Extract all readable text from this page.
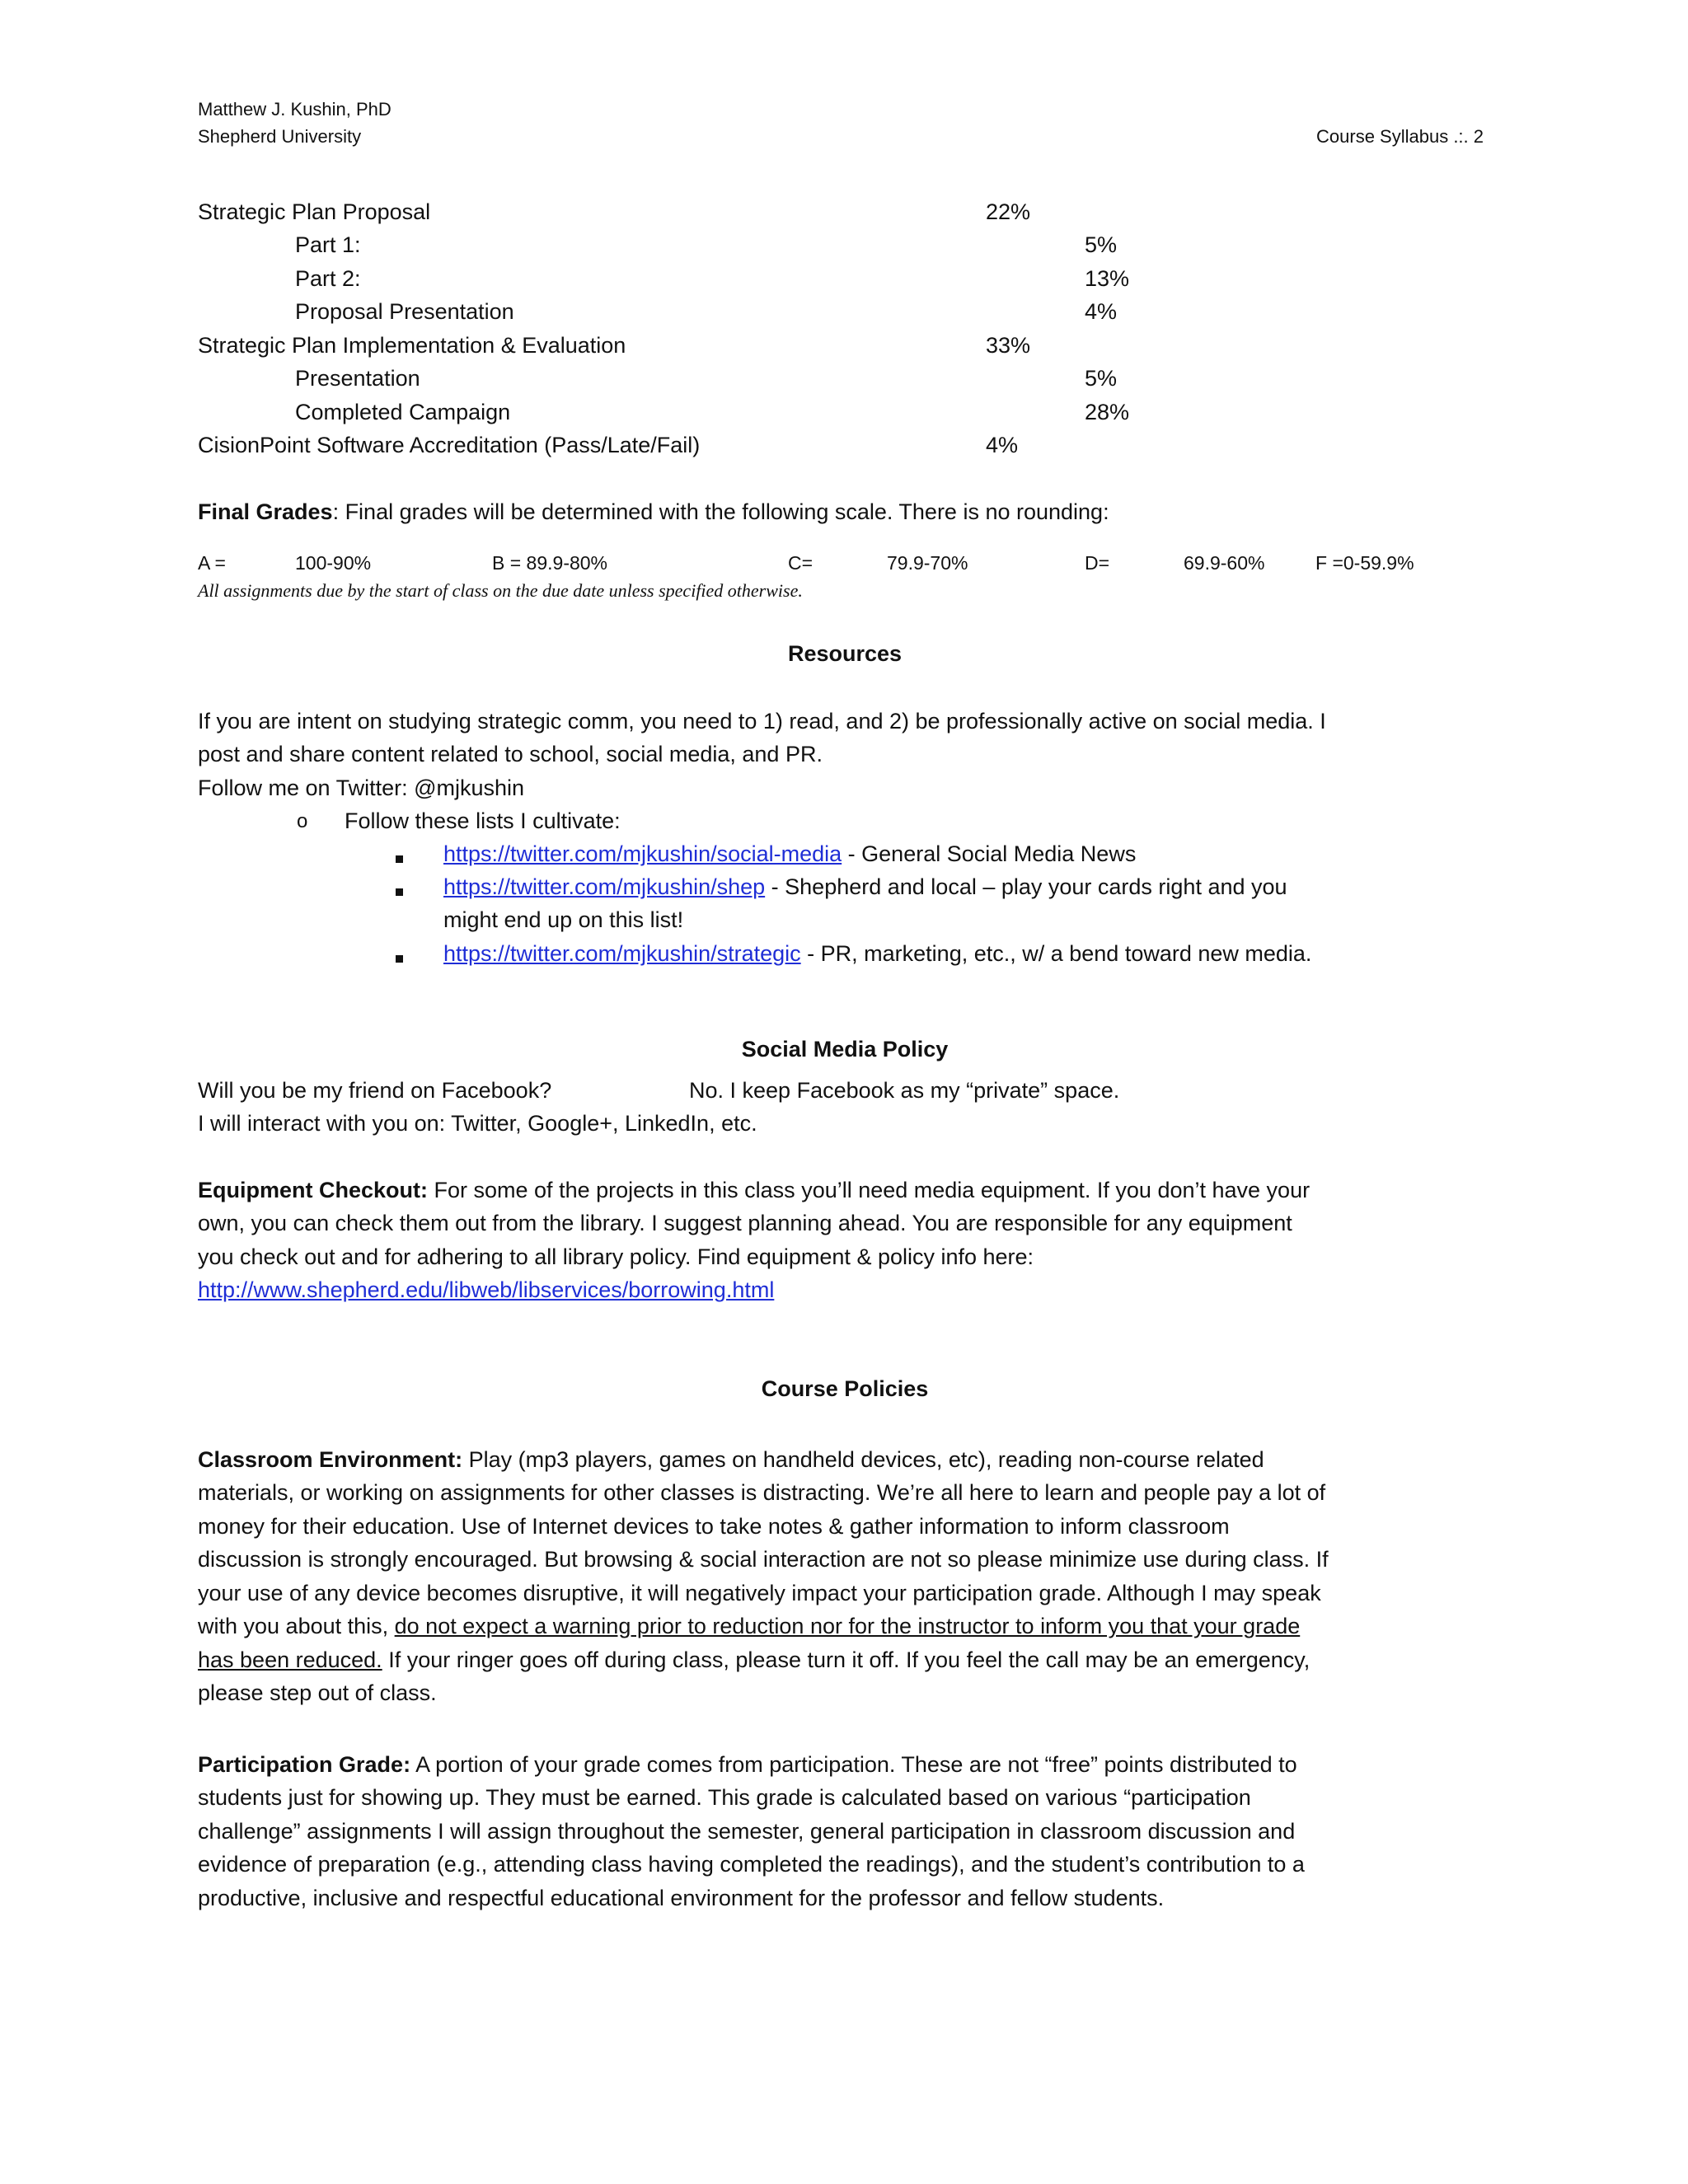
Matthew J. Kushin, PhD
Shepherd University	Course Syllabus .:. 2
Strategic Plan Proposal	22%
Part 1:	5%
Part 2:	13%
Proposal Presentation	4%
Strategic Plan Implementation & Evaluation	33%
Presentation	5%
Completed Campaign	28%
CisionPoint Software Accreditation (Pass/Late/Fail)	4%
Final Grades: Final grades will be determined with the following scale. There is no rounding:
A =	100-90%	B = 89.9-80%	C=	79.9-70%	D=	69.9-60%	F =0-59.9%
All assignments due by the start of class on the due date unless specified otherwise.
Resources
If you are intent on studying strategic comm, you need to 1) read, and 2) be professionally active on social media. I
post and share content related to school, social media, and PR.
Follow me on Twitter: @mjkushin
o Follow these lists I cultivate:
https://twitter.com/mjkushin/social-media - General Social Media News
https://twitter.com/mjkushin/shep - Shepherd and local – play your cards right and you
might end up on this list!
https://twitter.com/mjkushin/strategic - PR, marketing, etc., w/ a bend toward new media.
Social Media Policy
Will you be my friend on Facebook?	No. I keep Facebook as my “private” space.
I will interact with you on: Twitter, Google+, LinkedIn, etc.
Equipment Checkout: For some of the projects in this class you’ll need media equipment. If you don’t have your
own, you can check them out from the library. I suggest planning ahead. You are responsible for any equipment
you check out and for adhering to all library policy. Find equipment & policy info here:
http://www.shepherd.edu/libweb/libservices/borrowing.html
Course Policies
Classroom Environment: Play (mp3 players, games on handheld devices, etc), reading non-course related
materials, or working on assignments for other classes is distracting. We’re all here to learn and people pay a lot of
money for their education. Use of Internet devices to take notes & gather information to inform classroom
discussion is strongly encouraged. But browsing & social interaction are not so please minimize use during class. If
your use of any device becomes disruptive, it will negatively impact your participation grade. Although I may speak
with you about this, do not expect a warning prior to reduction nor for the instructor to inform you that your grade
has been reduced. If your ringer goes off during class, please turn it off. If you feel the call may be an emergency,
please step out of class.
Participation Grade: A portion of your grade comes from participation. These are not “free” points distributed to
students just for showing up. They must be earned. This grade is calculated based on various “participation
challenge” assignments I will assign throughout the semester, general participation in classroom discussion and
evidence of preparation (e.g., attending class having completed the readings), and the student’s contribution to a
productive, inclusive and respectful educational environment for the professor and fellow students.
